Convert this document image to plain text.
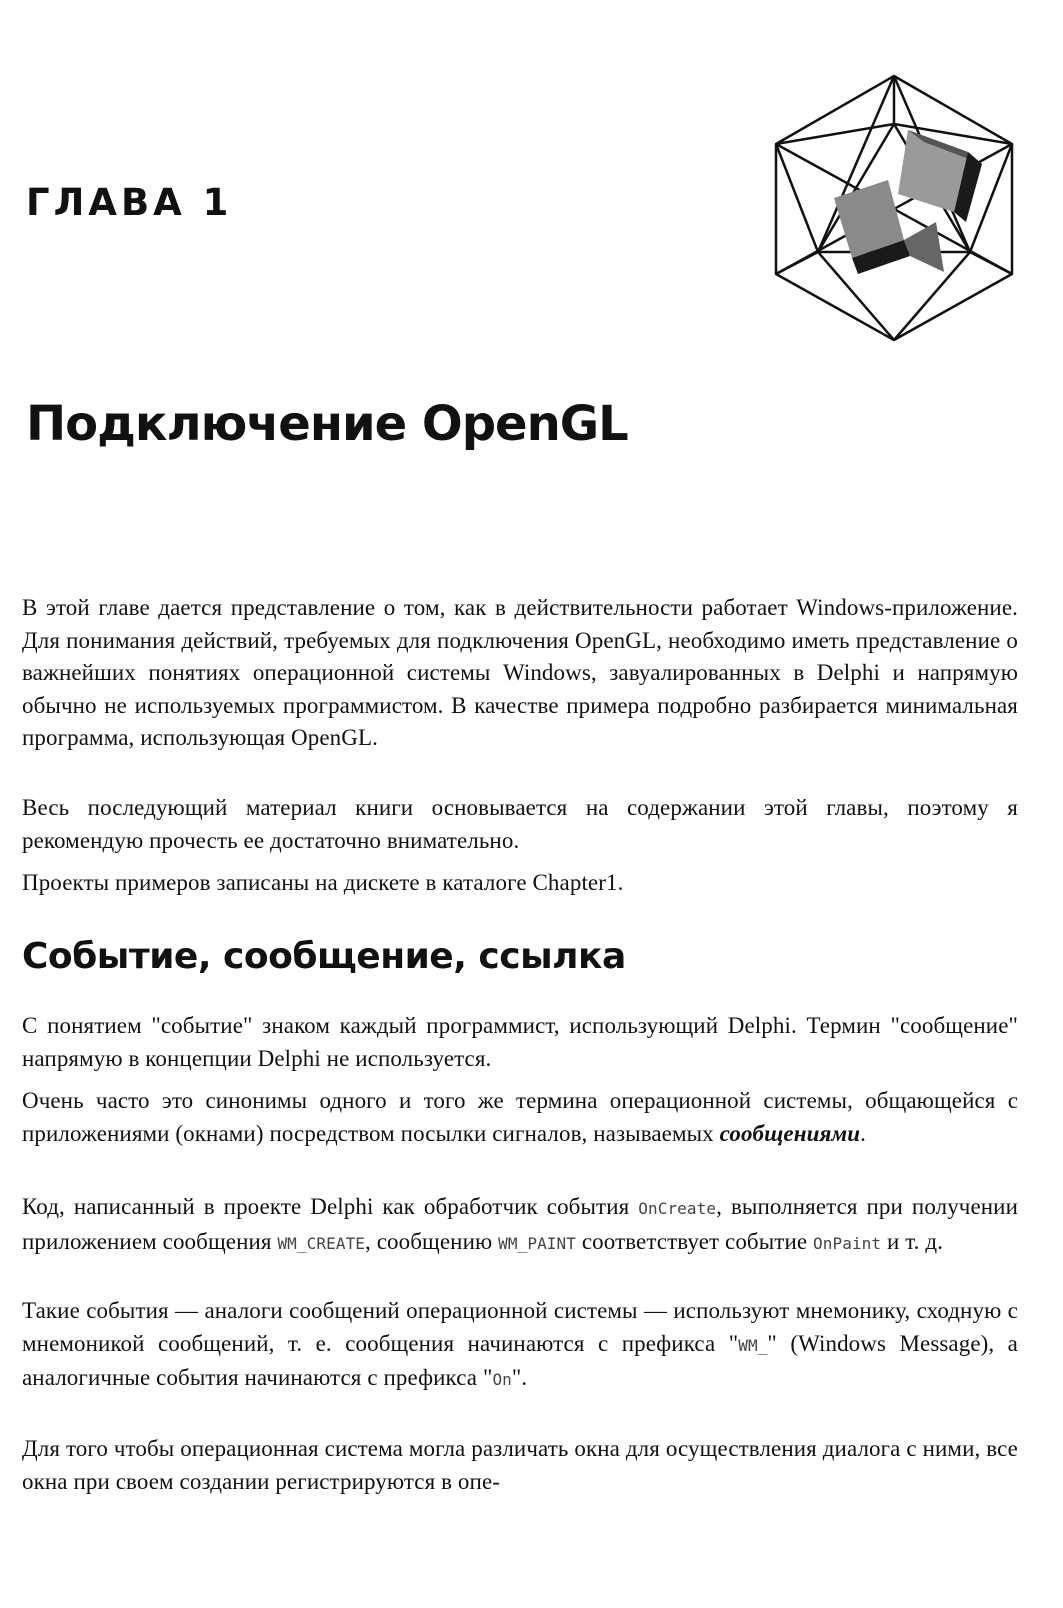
ГЛАВА 1
Подключение OpenGL

В этой главе дается представление о том, как в действительности работает Windows-приложение. Для понимания действий, требуемых для подключения OpenGL, необходимо иметь представление о важнейших понятиях операционной системы Windows, завуалированных в Delphi и напрямую обычно не используемых программистом. В качестве примера подробно разбирается минимальная программа, использующая OpenGL.

Весь последующий материал книги основывается на содержании этой главы, поэтому я рекомендую прочесть ее достаточно внимательно.

Проекты примеров записаны на дискете в каталоге Chapter1.

Событие, сообщение, ссылка

С понятием "событие" знаком каждый программист, использующий Delphi. Термин "сообщение" напрямую в концепции Delphi не используется.

Очень часто это синонимы одного и того же термина операционной системы, общающейся с приложениями (окнами) посредством посылки сигналов, называемых сообщениями.

Код, написанный в проекте Delphi как обработчик события OnCreate, выполняется при получении приложением сообщения WM_CREATE, сообщению WM_PAINT соответствует событие OnPaint и т. д.

Такие события — аналоги сообщений операционной системы — используют мнемонику, сходную с мнемоникой сообщений, т. е. сообщения начинаются с префикса "WM_" (Windows Message), а аналогичные события начинаются с префикса "On".

Для того чтобы операционная система могла различать окна для осуществления диалога с ними, все окна при своем создании регистрируются в опе-
